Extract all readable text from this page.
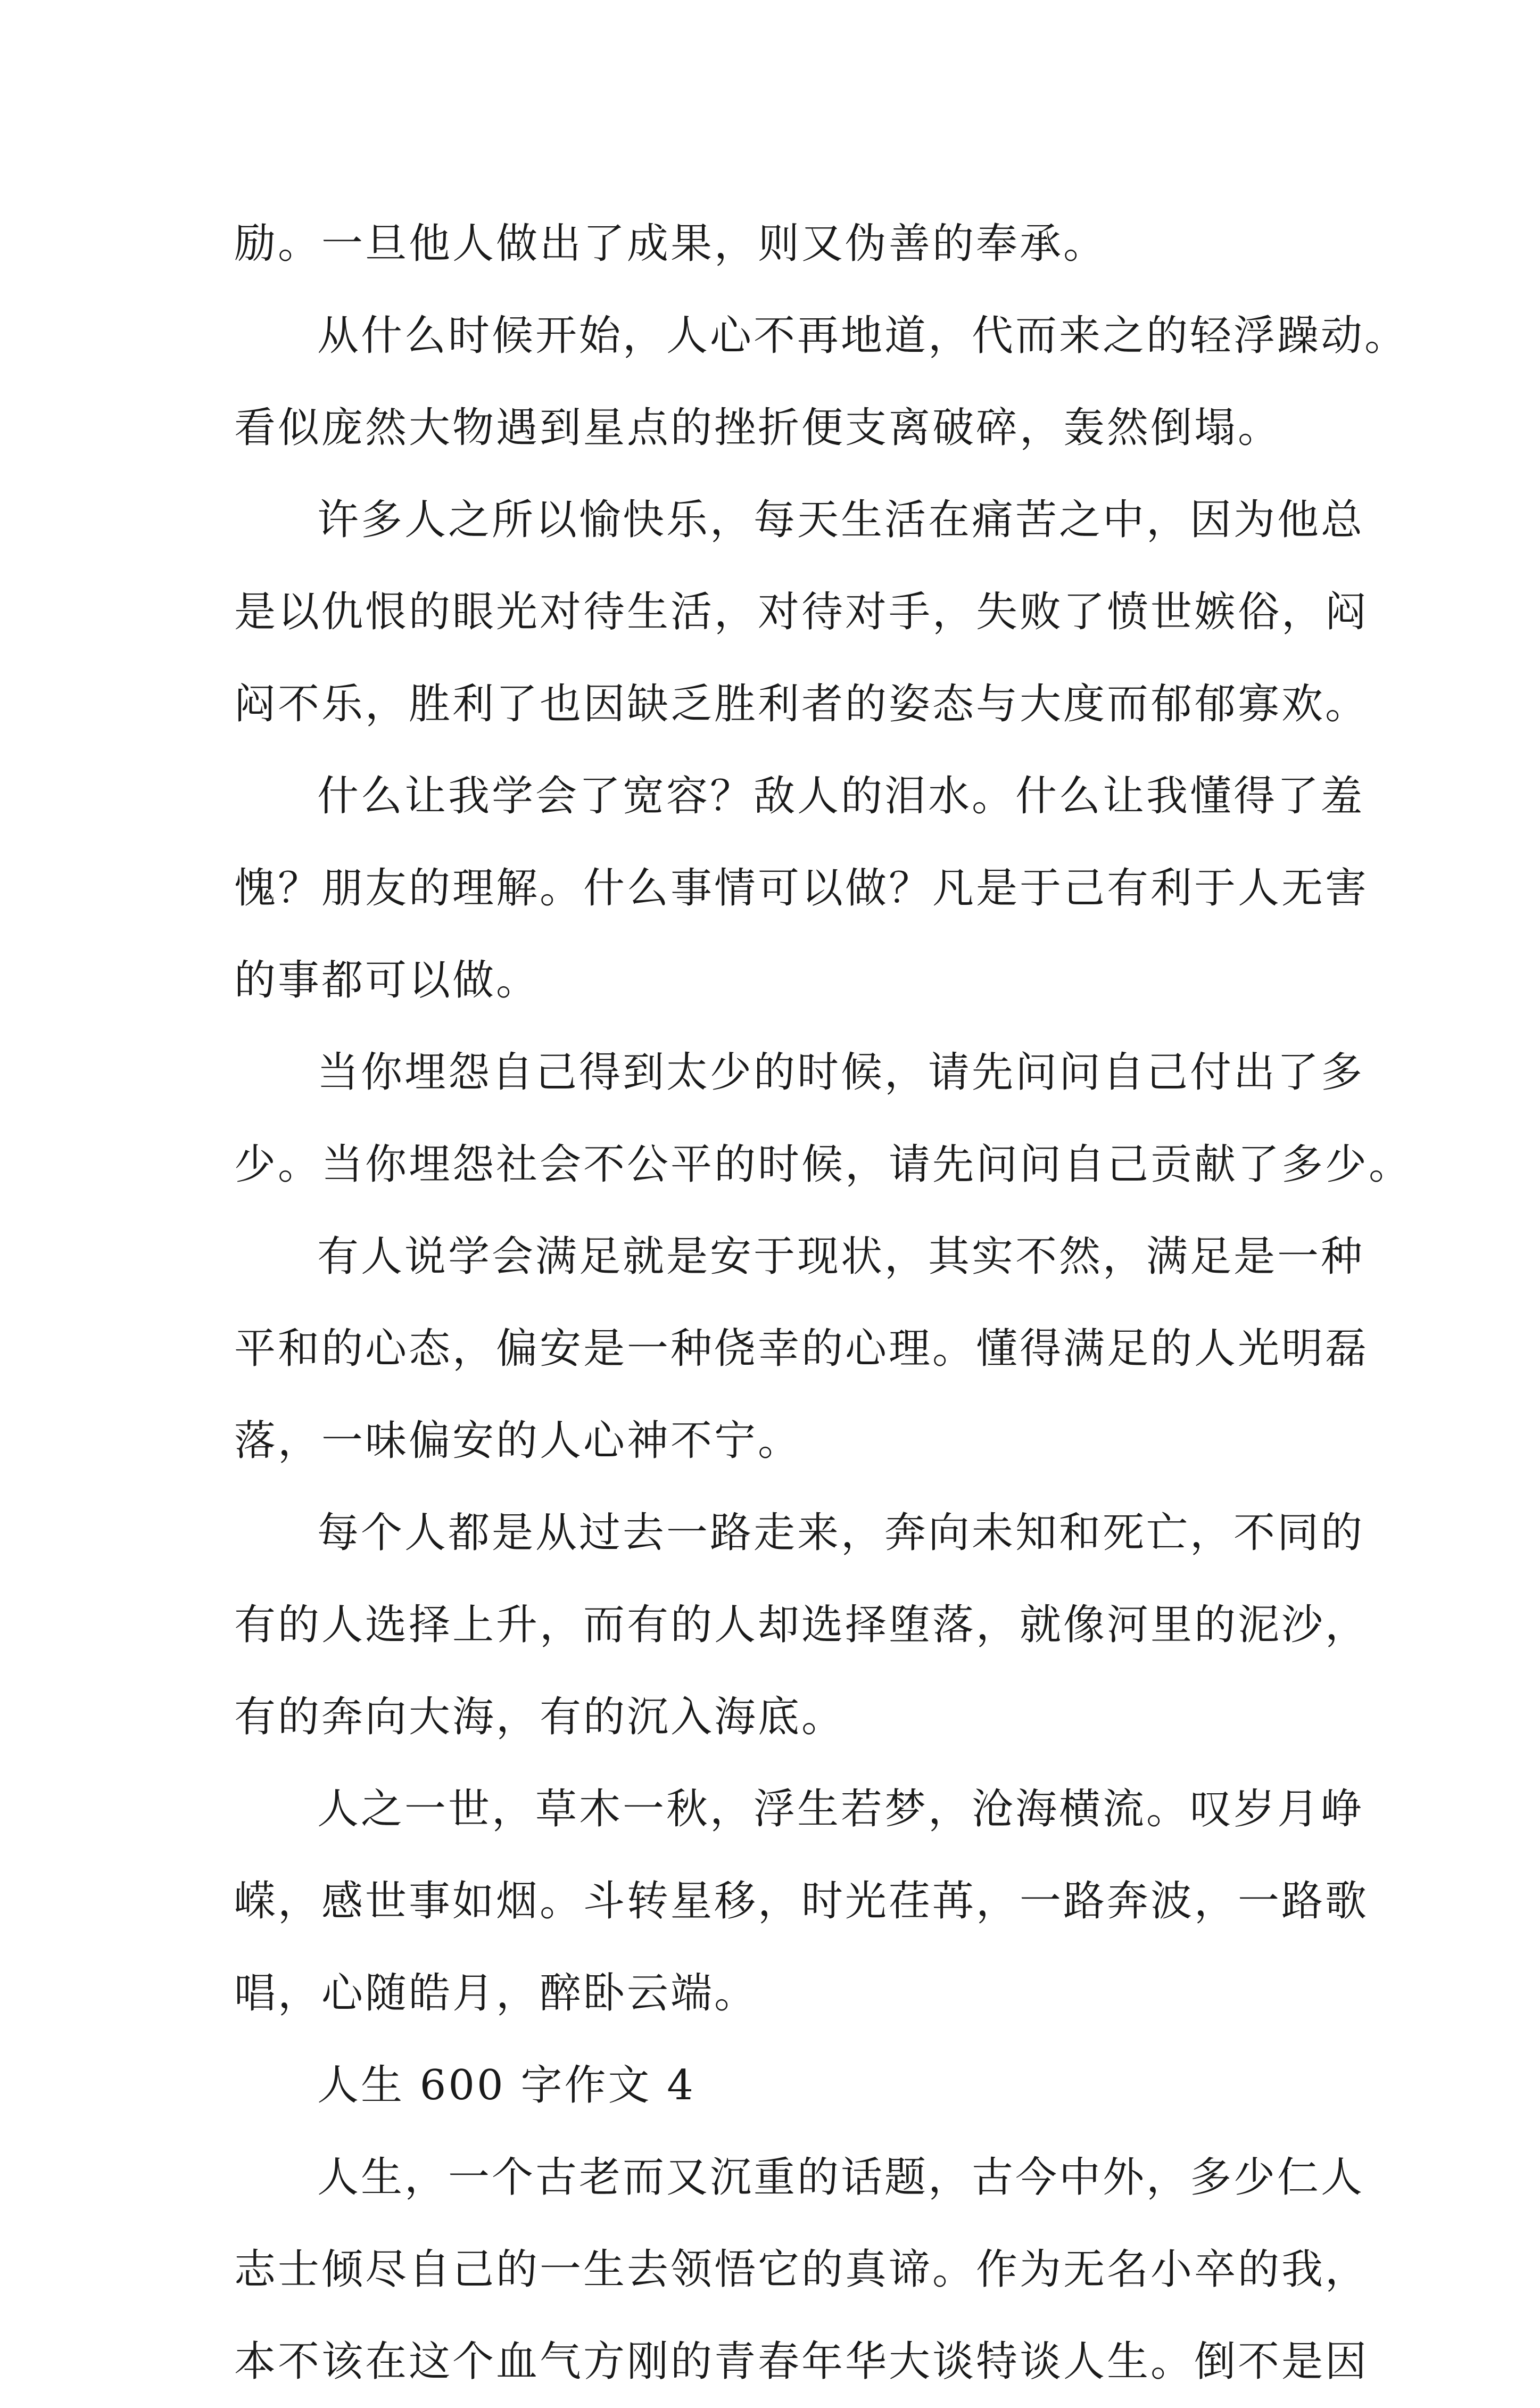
励。一旦他人做出了成果，则又伪善的奉承。
从什么时候开始，人心不再地道，代而来之的轻浮躁动。
看似庞然大物遇到星点的挫折便支离破碎，轰然倒塌。
许多人之所以愉快乐，每天生活在痛苦之中，因为他总
是以仇恨的眼光对待生活，对待对手，失败了愤世嫉俗，闷
闷不乐，胜利了也因缺乏胜利者的姿态与大度而郁郁寡欢。
什么让我学会了宽容？敌人的泪水。什么让我懂得了羞
愧？朋友的理解。什么事情可以做？凡是于己有利于人无害
的事都可以做。
当你埋怨自己得到太少的时候，请先问问自己付出了多
少。当你埋怨社会不公平的时候，请先问问自己贡献了多少。
有人说学会满足就是安于现状，其实不然，满足是一种
平和的心态，偏安是一种侥幸的心理。懂得满足的人光明磊
落，一味偏安的人心神不宁。
每个人都是从过去一路走来，奔向未知和死亡，不同的
有的人选择上升，而有的人却选择堕落，就像河里的泥沙，
有的奔向大海，有的沉入海底。
人之一世，草木一秋，浮生若梦，沧海横流。叹岁月峥
嵘，感世事如烟。斗转星移，时光荏苒，一路奔波，一路歌
唱，心随皓月，醉卧云端。
人生 600 字作文 4
人生，一个古老而又沉重的话题，古今中外，多少仁人
志士倾尽自己的一生去领悟它的真谛。作为无名小卒的我，
本不该在这个血气方刚的青春年华大谈特谈人生。倒不是因
